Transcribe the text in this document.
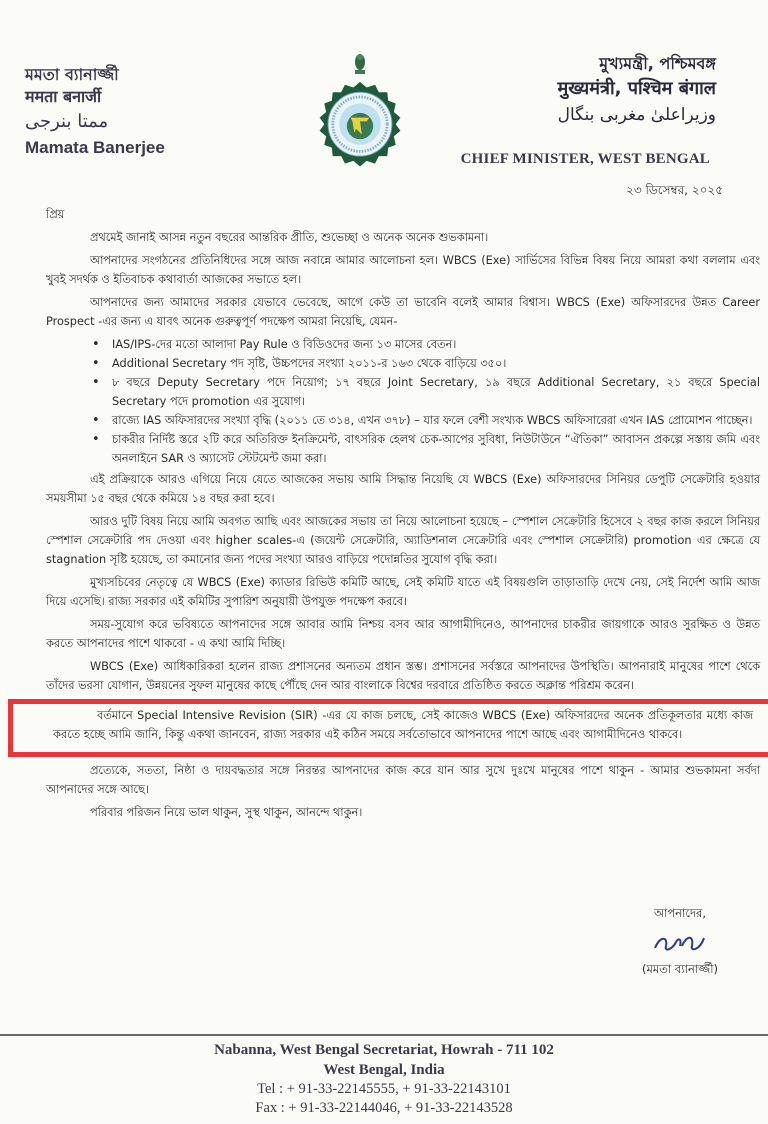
মমতা ব্যানার্জ্জী
ममता बनार्जी
ممتا بنرجی
Mamata Banerjee
মুখ্যমন্ত্রী, পশ্চিমবঙ্গ
मुख्यमंत्री, पश्चिम बंगाल
وزیراعلیٰ مغربی بنگال
CHIEF MINISTER, WEST BENGAL
২৩ ডিসেম্বর, ২০২৫

প্রিয়

প্রথমেই জানাই আসন্ন নতুন বছরের আন্তরিক প্রীতি, শুভেচ্ছা ও অনেক অনেক শুভকামনা।

আপনাদের সংগঠনের প্রতিনিধিদের সঙ্গে আজ নবান্নে আমার আলোচনা হল। WBCS (Exe) সার্ভিসের বিভিন্ন বিষয় নিয়ে আমরা কথা বললাম এবং খুবই সদর্থক ও ইতিবাচক কথাবার্তা আজকের সভাতে হল।

আপনাদের জন্য আমাদের সরকার যেভাবে ভেবেছে, আগে কেউ তা ভাবেনি বলেই আমার বিশ্বাস। WBCS (Exe) অফিসারদের উন্নত Career Prospect -এর জন্য এ যাবৎ অনেক গুরুত্বপূর্ণ পদক্ষেপ আমরা নিয়েছি, যেমন-

• IAS/IPS-দের মতো আলাদা Pay Rule ও বিডিওদের জন্য ১৩ মাসের বেতন।
• Additional Secretary পদ সৃষ্টি, উচ্চপদের সংখ্যা ২০১১-র ১৬৩ থেকে বাড়িয়ে ৩৫০।
• ৮ বছরে Deputy Secretary পদে নিয়োগ; ১৭ বছরে Joint Secretary, ১৯ বছরে Additional Secretary, ২১ বছরে Special Secretary পদে promotion এর সুযোগ।
• রাজ্যে IAS অফিসারদের সংখ্যা বৃদ্ধি (২০১১ তে ৩১৪, এখন ৩৭৮) – যার ফলে বেশী সংখ্যক WBCS অফিসারেরা এখন IAS প্রোমোশন পাচ্ছেন।
• চাকরীর নির্দিষ্ট স্তরে ২টি করে অতিরিক্ত ইনক্রিমেন্ট, বাৎসরিক হেলথ চেক-আপের সুবিধা, নিউটাউনে “ঐতিকা” আবাসন প্রকল্পে সস্তায় জমি এবং অনলাইনে SAR ও অ্যাসেট স্টেটমেন্ট জমা করা।

এই প্রক্রিয়াকে আরও এগিয়ে নিয়ে যেতে আজকের সভায় আমি সিদ্ধান্ত নিয়েছি যে WBCS (Exe) অফিসারদের সিনিয়র ডেপুটি সেক্রেটারি হওয়ার সময়সীমা ১৫ বছর থেকে কমিয়ে ১৪ বছর করা হবে।

আরও দুটি বিষয় নিয়ে আমি অবগত আছি এবং আজকের সভায় তা নিয়ে আলোচনা হয়েছে – স্পেশাল সেক্রেটারি হিসেবে ২ বছর কাজ করলে সিনিয়র স্পেশাল সেক্রেটারি পদ দেওয়া এবং higher scales-এ (জয়েন্ট সেক্রেটারি, অ্যাডিশনাল সেক্রেটারি এবং স্পেশাল সেক্রেটারি) promotion এর ক্ষেত্রে যে stagnation সৃষ্টি হয়েছে, তা কমানোর জন্য পদের সংখ্যা আরও বাড়িয়ে পদোন্নতির সুযোগ বৃদ্ধি করা।

মুখ্যসচিবের নেতৃত্বে যে WBCS (Exe) ক্যাডার রিভিউ কমিটি আছে, সেই কমিটি যাতে এই বিষয়গুলি তাড়াতাড়ি দেখে নেয়, সেই নির্দেশ আমি আজ দিয়ে এসেছি। রাজ্য সরকার এই কমিটির সুপারিশ অনুযায়ী উপযুক্ত পদক্ষেপ করবে।

সময়-সুযোগ করে ভবিষ্যতে আপনাদের সঙ্গে আবার আমি নিশ্চয় বসব আর আগামীদিনেও, আপনাদের চাকরীর জায়গাকে আরও সুরক্ষিত ও উন্নত করতে আপনাদের পাশে থাকবো - এ কথা আমি দিচ্ছি।

WBCS (Exe) আধিকারিকরা হলেন রাজ্য প্রশাসনের অন্যতম প্রধান স্তম্ভ। প্রশাসনের সর্বস্তরে আপনাদের উপস্থিতি। আপনারাই মানুষের পাশে থেকে তাঁদের ভরসা যোগান, উন্নয়নের সুফল মানুষের কাছে পৌঁছে দেন আর বাংলাকে বিশ্বের দরবারে প্রতিষ্ঠিত করতে অক্লান্ত পরিশ্রম করেন।

বর্তমানে Special Intensive Revision (SIR) -এর যে কাজ চলছে, সেই কাজেও WBCS (Exe) অফিসারদের অনেক প্রতিকূলতার মধ্যে কাজ করতে হচ্ছে আমি জানি, কিন্তু একথা জানবেন, রাজ্য সরকার এই কঠিন সময়ে সর্বতোভাবে আপনাদের পাশে আছে এবং আগামীদিনেও থাকবে।

প্রত্যেকে, সততা, নিষ্ঠা ও দায়বদ্ধতার সঙ্গে নিরন্তর আপনাদের কাজ করে যান আর সুখে দুঃখে মানুষের পাশে থাকুন - আমার শুভকামনা সর্বদা আপনাদের সঙ্গে আছে।

পরিবার পরিজন নিয়ে ভাল থাকুন, সুস্থ থাকুন, আনন্দে থাকুন।

আপনাদের,
(মমতা ব্যানার্জ্জী)
Nabanna, West Bengal Secretariat, Howrah - 711 102
West Bengal, India
Tel : + 91-33-22145555, + 91-33-22143101
Fax : + 91-33-22144046, + 91-33-22143528
